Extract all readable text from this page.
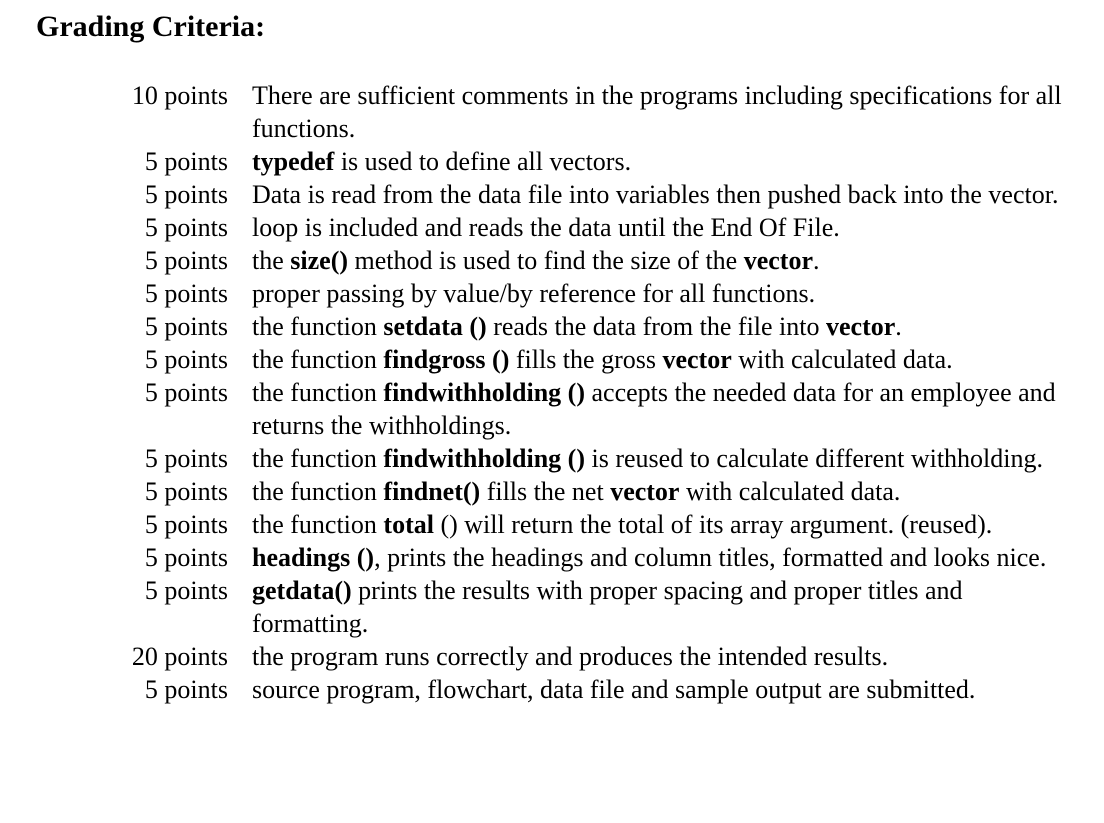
Grading Criteria:
10 points There are sufficient comments in the programs including specifications for all functions.
5 points typedef is used to define all vectors.
5 points Data is read from the data file into variables then pushed back into the vector.
5 points loop is included and reads the data until the End Of File.
5 points the size() method is used to find the size of the vector.
5 points proper passing by value/by reference for all functions.
5 points the function setdata () reads the data from the file into vector.
5 points the function findgross () fills the gross vector with calculated data.
5 points the function findwithholding () accepts the needed data for an employee and returns the withholdings.
5 points the function findwithholding () is reused to calculate different withholding.
5 points the function findnet() fills the net vector with calculated data.
5 points the function total () will return the total of its array argument. (reused).
5 points headings (), prints the headings and column titles, formatted and looks nice.
5 points getdata() prints the results with proper spacing and proper titles and formatting.
20 points the program runs correctly and produces the intended results.
5 points source program, flowchart, data file and sample output are submitted.
